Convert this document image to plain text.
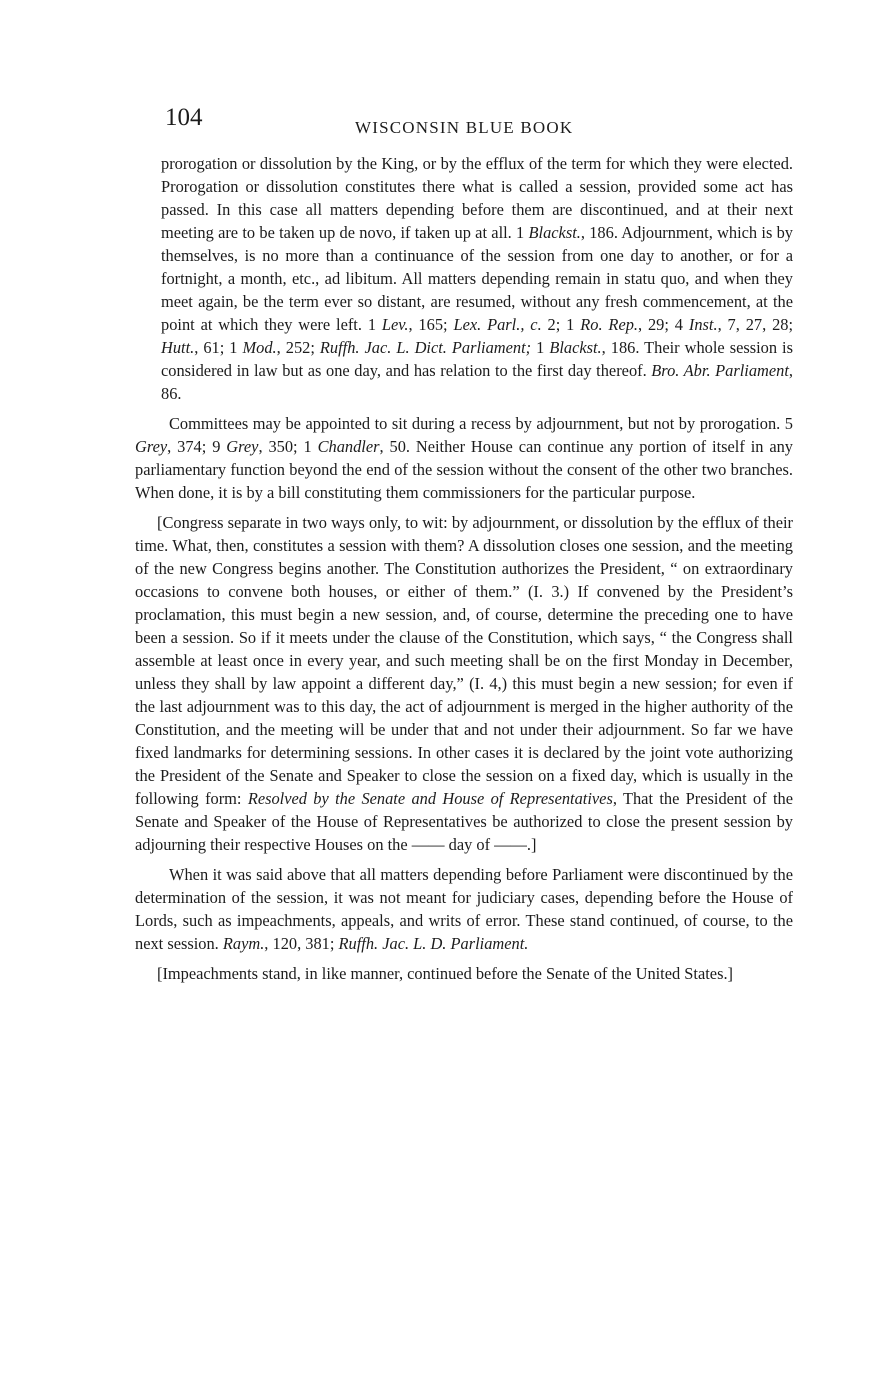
104	WISCONSIN BLUE BOOK

prorogation or dissolution by the King, or by the efflux of the term for which they were elected. Prorogation or dissolution constitutes there what is called a session, provided some act has passed. In this case all matters depending before them are discontinued, and at their next meeting are to be taken up de novo, if taken up at all. 1 Blackst., 186. Adjournment, which is by themselves, is no more than a continuance of the session from one day to another, or for a fortnight, a month, etc., ad libitum. All matters depending remain in statu quo, and when they meet again, be the term ever so distant, are resumed, without any fresh commencement, at the point at which they were left. 1 Lev., 165; Lex. Parl., c. 2; 1 Ro. Rep., 29; 4 Inst., 7, 27, 28; Hutt., 61; 1 Mod., 252; Ruffh. Jac. L. Dict. Parliament; 1 Blackst., 186. Their whole session is considered in law but as one day, and has relation to the first day thereof. Bro. Abr. Parliament, 86.

Committees may be appointed to sit during a recess by adjournment, but not by prorogation. 5 Grey, 374; 9 Grey, 350; 1 Chandler, 50. Neither House can continue any portion of itself in any parliamentary function beyond the end of the session without the consent of the other two branches. When done, it is by a bill constituting them commissioners for the particular purpose.

[Congress separate in two ways only, to wit: by adjournment, or dissolution by the efflux of their time. What, then, constitutes a session with them? A dissolution closes one session, and the meeting of the new Congress begins another. The Constitution authorizes the President, “ on extraordinary occasions to convene both houses, or either of them.” (I. 3.) If convened by the President’s proclamation, this must begin a new session, and, of course, determine the preceding one to have been a session. So if it meets under the clause of the Constitution, which says, “ the Congress shall assemble at least once in every year, and such meeting shall be on the first Monday in December, unless they shall by law appoint a different day,” (I. 4,) this must begin a new session; for even if the last adjournment was to this day, the act of adjournment is merged in the higher authority of the Constitution, and the meeting will be under that and not under their adjournment. So far we have fixed landmarks for determining sessions. In other cases it is declared by the joint vote authorizing the President of the Senate and Speaker to close the session on a fixed day, which is usually in the following form: Resolved by the Senate and House of Representatives, That the President of the Senate and Speaker of the House of Representatives be authorized to close the present session by adjourning their respective Houses on the —— day of ——.]

When it was said above that all matters depending before Parliament were discontinued by the determination of the session, it was not meant for judiciary cases, depending before the House of Lords, such as impeachments, appeals, and writs of error. These stand continued, of course, to the next session. Raym., 120, 381; Ruffh. Jac. L. D. Parliament.

[Impeachments stand, in like manner, continued before the Senate of the United States.]
